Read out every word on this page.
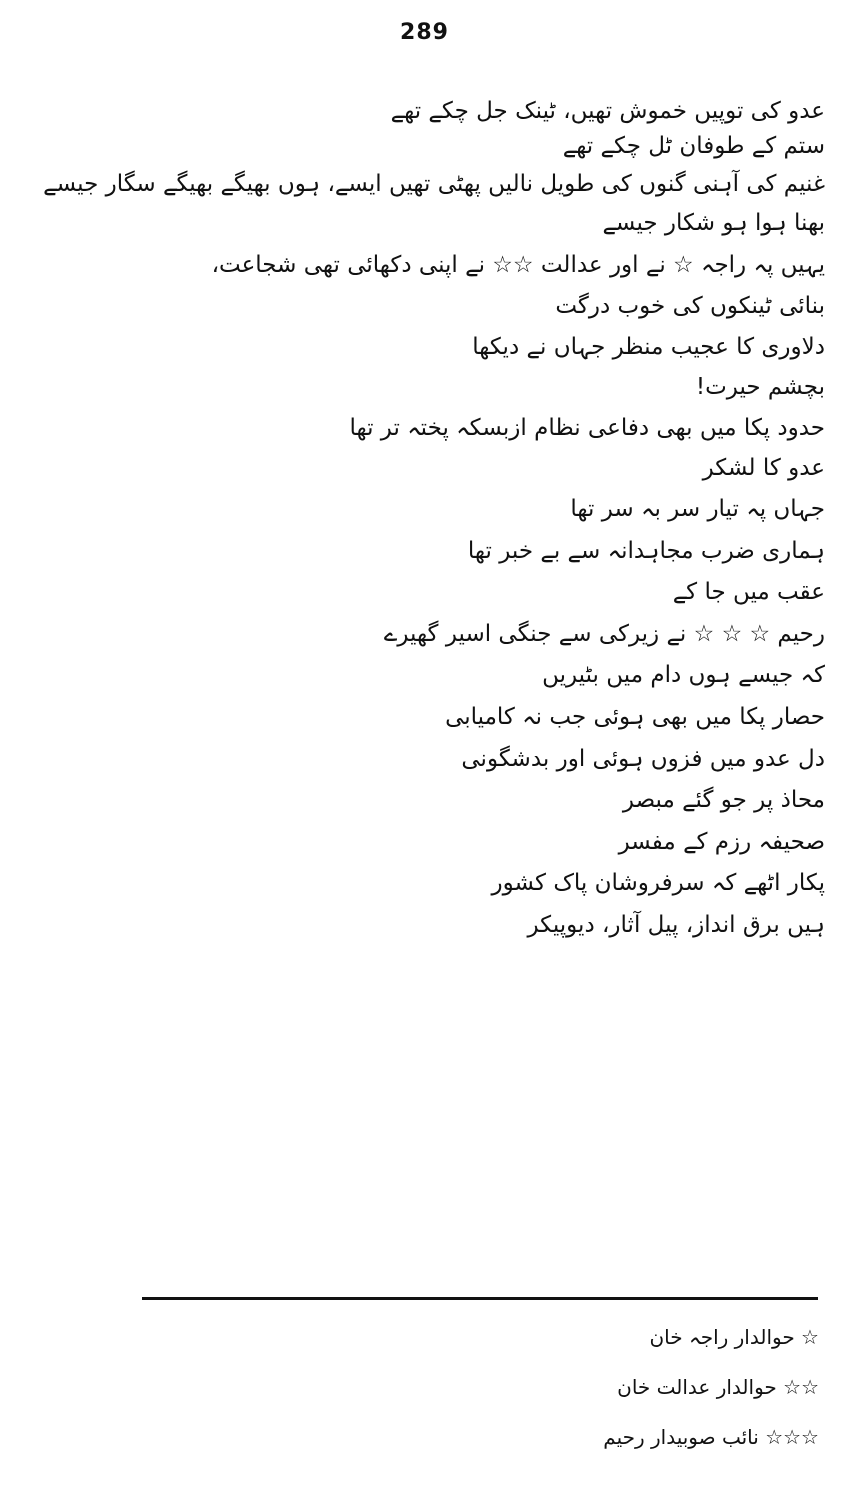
289

عدو کی توپیں خموش تھیں، ٹینک جل چکے تھے

ستم کے طوفان ٹل چکے تھے

غنیم کی آہنی گنوں کی طویل نالیں پھٹی تھیں ایسے، ہوں بھیگے بھیگے سگار جیسے

بھنا ہوا ہو شکار جیسے

یہیں پہ راجہ ☆ نے اور عدالت ☆☆ نے اپنی دکھائی تھی شجاعت،

بنائی ٹینکوں کی خوب درگت

دلاوری کا عجیب منظر جہاں نے دیکھا

بچشم حیرت!

حدود پکا میں بھی دفاعی نظام ازبسکہ پختہ تر تھا

عدو کا لشکر

جہاں پہ تیار سر بہ سر تھا

ہماری ضرب مجاہدانہ سے بے خبر تھا

عقب میں جا کے

رحیم ☆ ☆ ☆ نے زیرکی سے جنگی اسیر گھیرے

کہ جیسے ہوں دام میں بٹیریں

حصار پکا میں بھی ہوئی جب نہ کامیابی

دل عدو میں فزوں ہوئی اور بدشگونی

محاذ پر جو گئے مبصر

صحیفہ رزم کے مفسر

پکار اٹھے کہ سرفروشان پاک کشور

ہیں برق انداز، پیل آثار، دیوپیکر

☆ حوالدار راجہ خان

☆☆ حوالدار عدالت خان

☆☆☆ نائب صوبیدار رحیم
